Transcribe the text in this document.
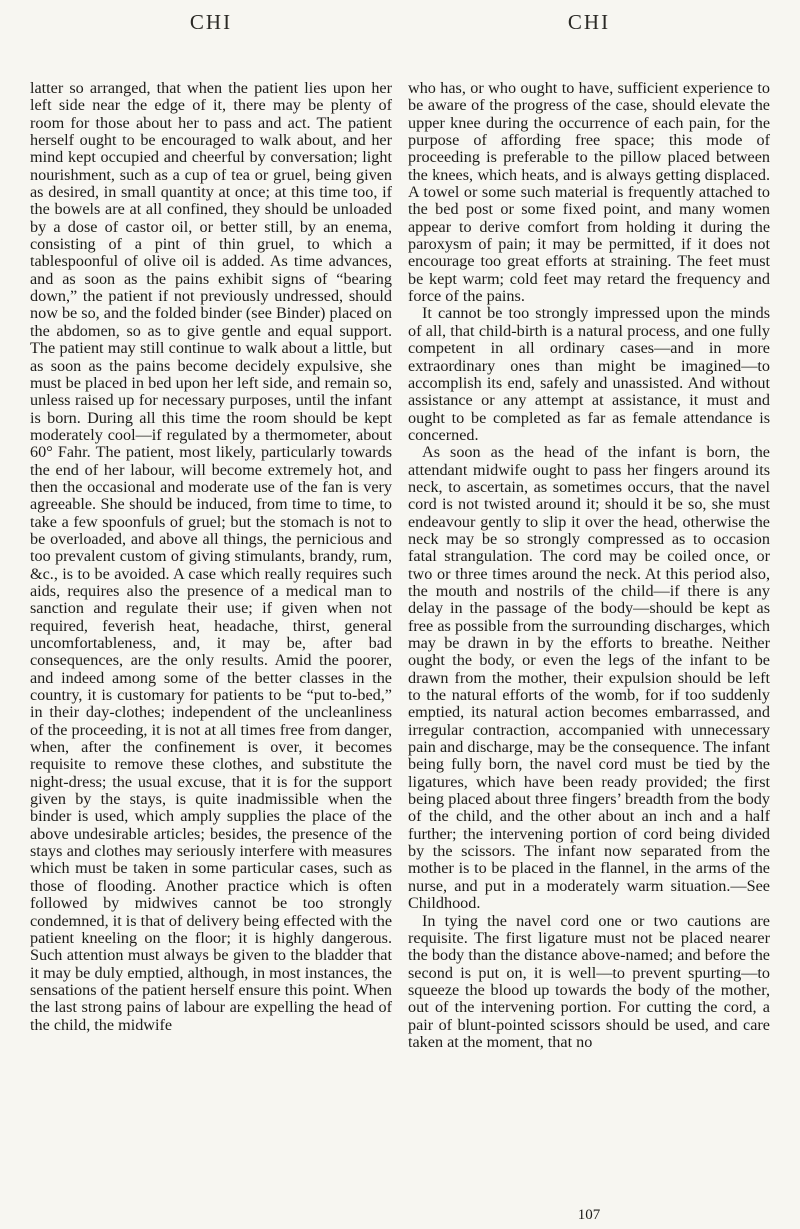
CHI	CHI

latter so arranged, that when the patient lies upon her left side near the edge of it, there may be plenty of room for those about her to pass and act. The patient herself ought to be encouraged to walk about, and her mind kept occupied and cheerful by conversation; light nourishment, such as a cup of tea or gruel, being given as desired, in small quantity at once; at this time too, if the bowels are at all confined, they should be unloaded by a dose of castor oil, or better still, by an enema, consisting of a pint of thin gruel, to which a tablespoonful of olive oil is added. As time advances, and as soon as the pains exhibit signs of “bearing down,” the patient if not previously undressed, should now be so, and the folded binder (see Binder) placed on the abdomen, so as to give gentle and equal support. The patient may still continue to walk about a little, but as soon as the pains become decidely expulsive, she must be placed in bed upon her left side, and remain so, unless raised up for necessary purposes, until the infant is born. During all this time the room should be kept moderately cool—if regulated by a thermometer, about 60° Fahr. The patient, most likely, particularly towards the end of her labour, will become extremely hot, and then the occasional and moderate use of the fan is very agreeable. She should be induced, from time to time, to take a few spoonfuls of gruel; but the stomach is not to be overloaded, and above all things, the pernicious and too prevalent custom of giving stimulants, brandy, rum, &c., is to be avoided. A case which really requires such aids, requires also the presence of a medical man to sanction and regulate their use; if given when not required, feverish heat, headache, thirst, general uncomfortableness, and, it may be, after bad consequences, are the only results. Amid the poorer, and indeed among some of the better classes in the country, it is customary for patients to be “put to-bed,” in their day-clothes; independent of the uncleanliness of the proceeding, it is not at all times free from danger, when, after the confinement is over, it becomes requisite to remove these clothes, and substitute the night-dress; the usual excuse, that it is for the support given by the stays, is quite inadmissible when the binder is used, which amply supplies the place of the above undesirable articles; besides, the presence of the stays and clothes may seriously interfere with measures which must be taken in some particular cases, such as those of flooding. Another practice which is often followed by midwives cannot be too strongly condemned, it is that of delivery being effected with the patient kneeling on the floor; it is highly dangerous. Such attention must always be given to the bladder that it may be duly emptied, although, in most instances, the sensations of the patient herself ensure this point. When the last strong pains of labour are expelling the head of the child, the midwife

who has, or who ought to have, sufficient experience to be aware of the progress of the case, should elevate the upper knee during the occurrence of each pain, for the purpose of affording free space; this mode of proceeding is preferable to the pillow placed between the knees, which heats, and is always getting displaced. A towel or some such material is frequently attached to the bed post or some fixed point, and many women appear to derive comfort from holding it during the paroxysm of pain; it may be permitted, if it does not encourage too great efforts at straining. The feet must be kept warm; cold feet may retard the frequency and force of the pains.

It cannot be too strongly impressed upon the minds of all, that child-birth is a natural process, and one fully competent in all ordinary cases—and in more extraordinary ones than might be imagined—to accomplish its end, safely and unassisted. And without assistance or any attempt at assistance, it must and ought to be completed as far as female attendance is concerned.

As soon as the head of the infant is born, the attendant midwife ought to pass her fingers around its neck, to ascertain, as sometimes occurs, that the navel cord is not twisted around it; should it be so, she must endeavour gently to slip it over the head, otherwise the neck may be so strongly compressed as to occasion fatal strangulation. The cord may be coiled once, or two or three times around the neck. At this period also, the mouth and nostrils of the child—if there is any delay in the passage of the body—should be kept as free as possible from the surrounding discharges, which may be drawn in by the efforts to breathe. Neither ought the body, or even the legs of the infant to be drawn from the mother, their expulsion should be left to the natural efforts of the womb, for if too suddenly emptied, its natural action becomes embarrassed, and irregular contraction, accompanied with unnecessary pain and discharge, may be the consequence. The infant being fully born, the navel cord must be tied by the ligatures, which have been ready provided; the first being placed about three fingers’ breadth from the body of the child, and the other about an inch and a half further; the intervening portion of cord being divided by the scissors. The infant now separated from the mother is to be placed in the flannel, in the arms of the nurse, and put in a moderately warm situation.—See Childhood.

In tying the navel cord one or two cautions are requisite. The first ligature must not be placed nearer the body than the distance above-named; and before the second is put on, it is well—to prevent spurting—to squeeze the blood up towards the body of the mother, out of the intervening portion. For cutting the cord, a pair of blunt-pointed scissors should be used, and care taken at the moment, that no

107
